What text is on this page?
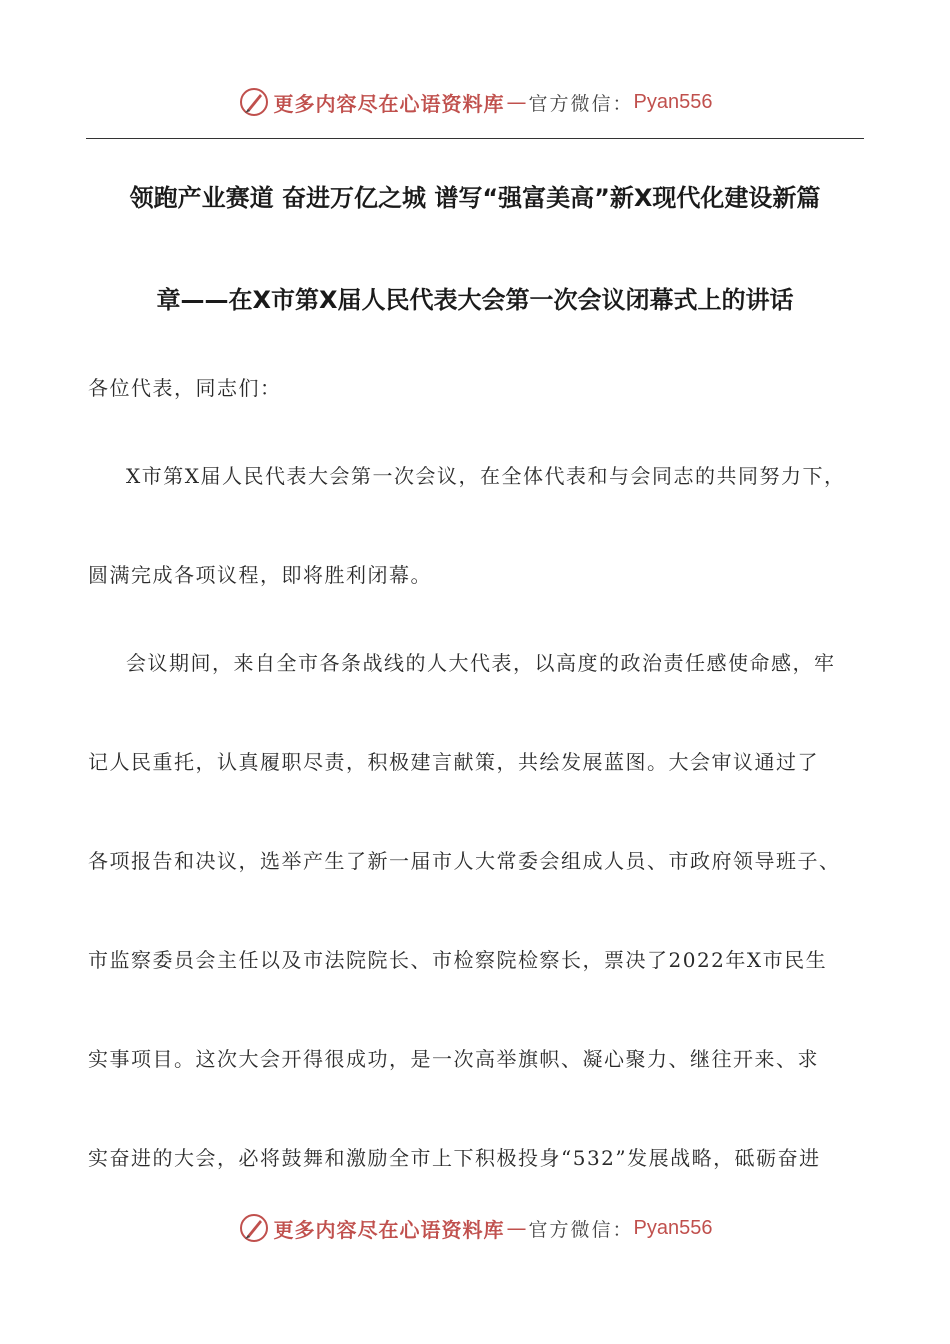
更多内容尽在心语资料库 — 官方微信： Pyan556
领跑产业赛道 奋进万亿之城 谱写“强富美高”新X现代化建设新篇
章——在X市第X届人民代表大会第一次会议闭幕式上的讲话
各位代表，同志们：
X市第X届人民代表大会第一次会议，在全体代表和与会同志的共同努力下，
圆满完成各项议程，即将胜利闭幕。
会议期间，来自全市各条战线的人大代表，以高度的政治责任感使命感，牢
记人民重托，认真履职尽责，积极建言献策，共绘发展蓝图。大会审议通过了
各项报告和决议，选举产生了新一届市人大常委会组成人员、市政府领导班子、
市监察委员会主任以及市法院院长、市检察院检察长，票决了2022年X市民生
实事项目。这次大会开得很成功，是一次高举旗帜、凝心聚力、继往开来、求
实奋进的大会，必将鼓舞和激励全市上下积极投身“532”发展战略，砥砺奋进
更多内容尽在心语资料库 — 官方微信： Pyan556
